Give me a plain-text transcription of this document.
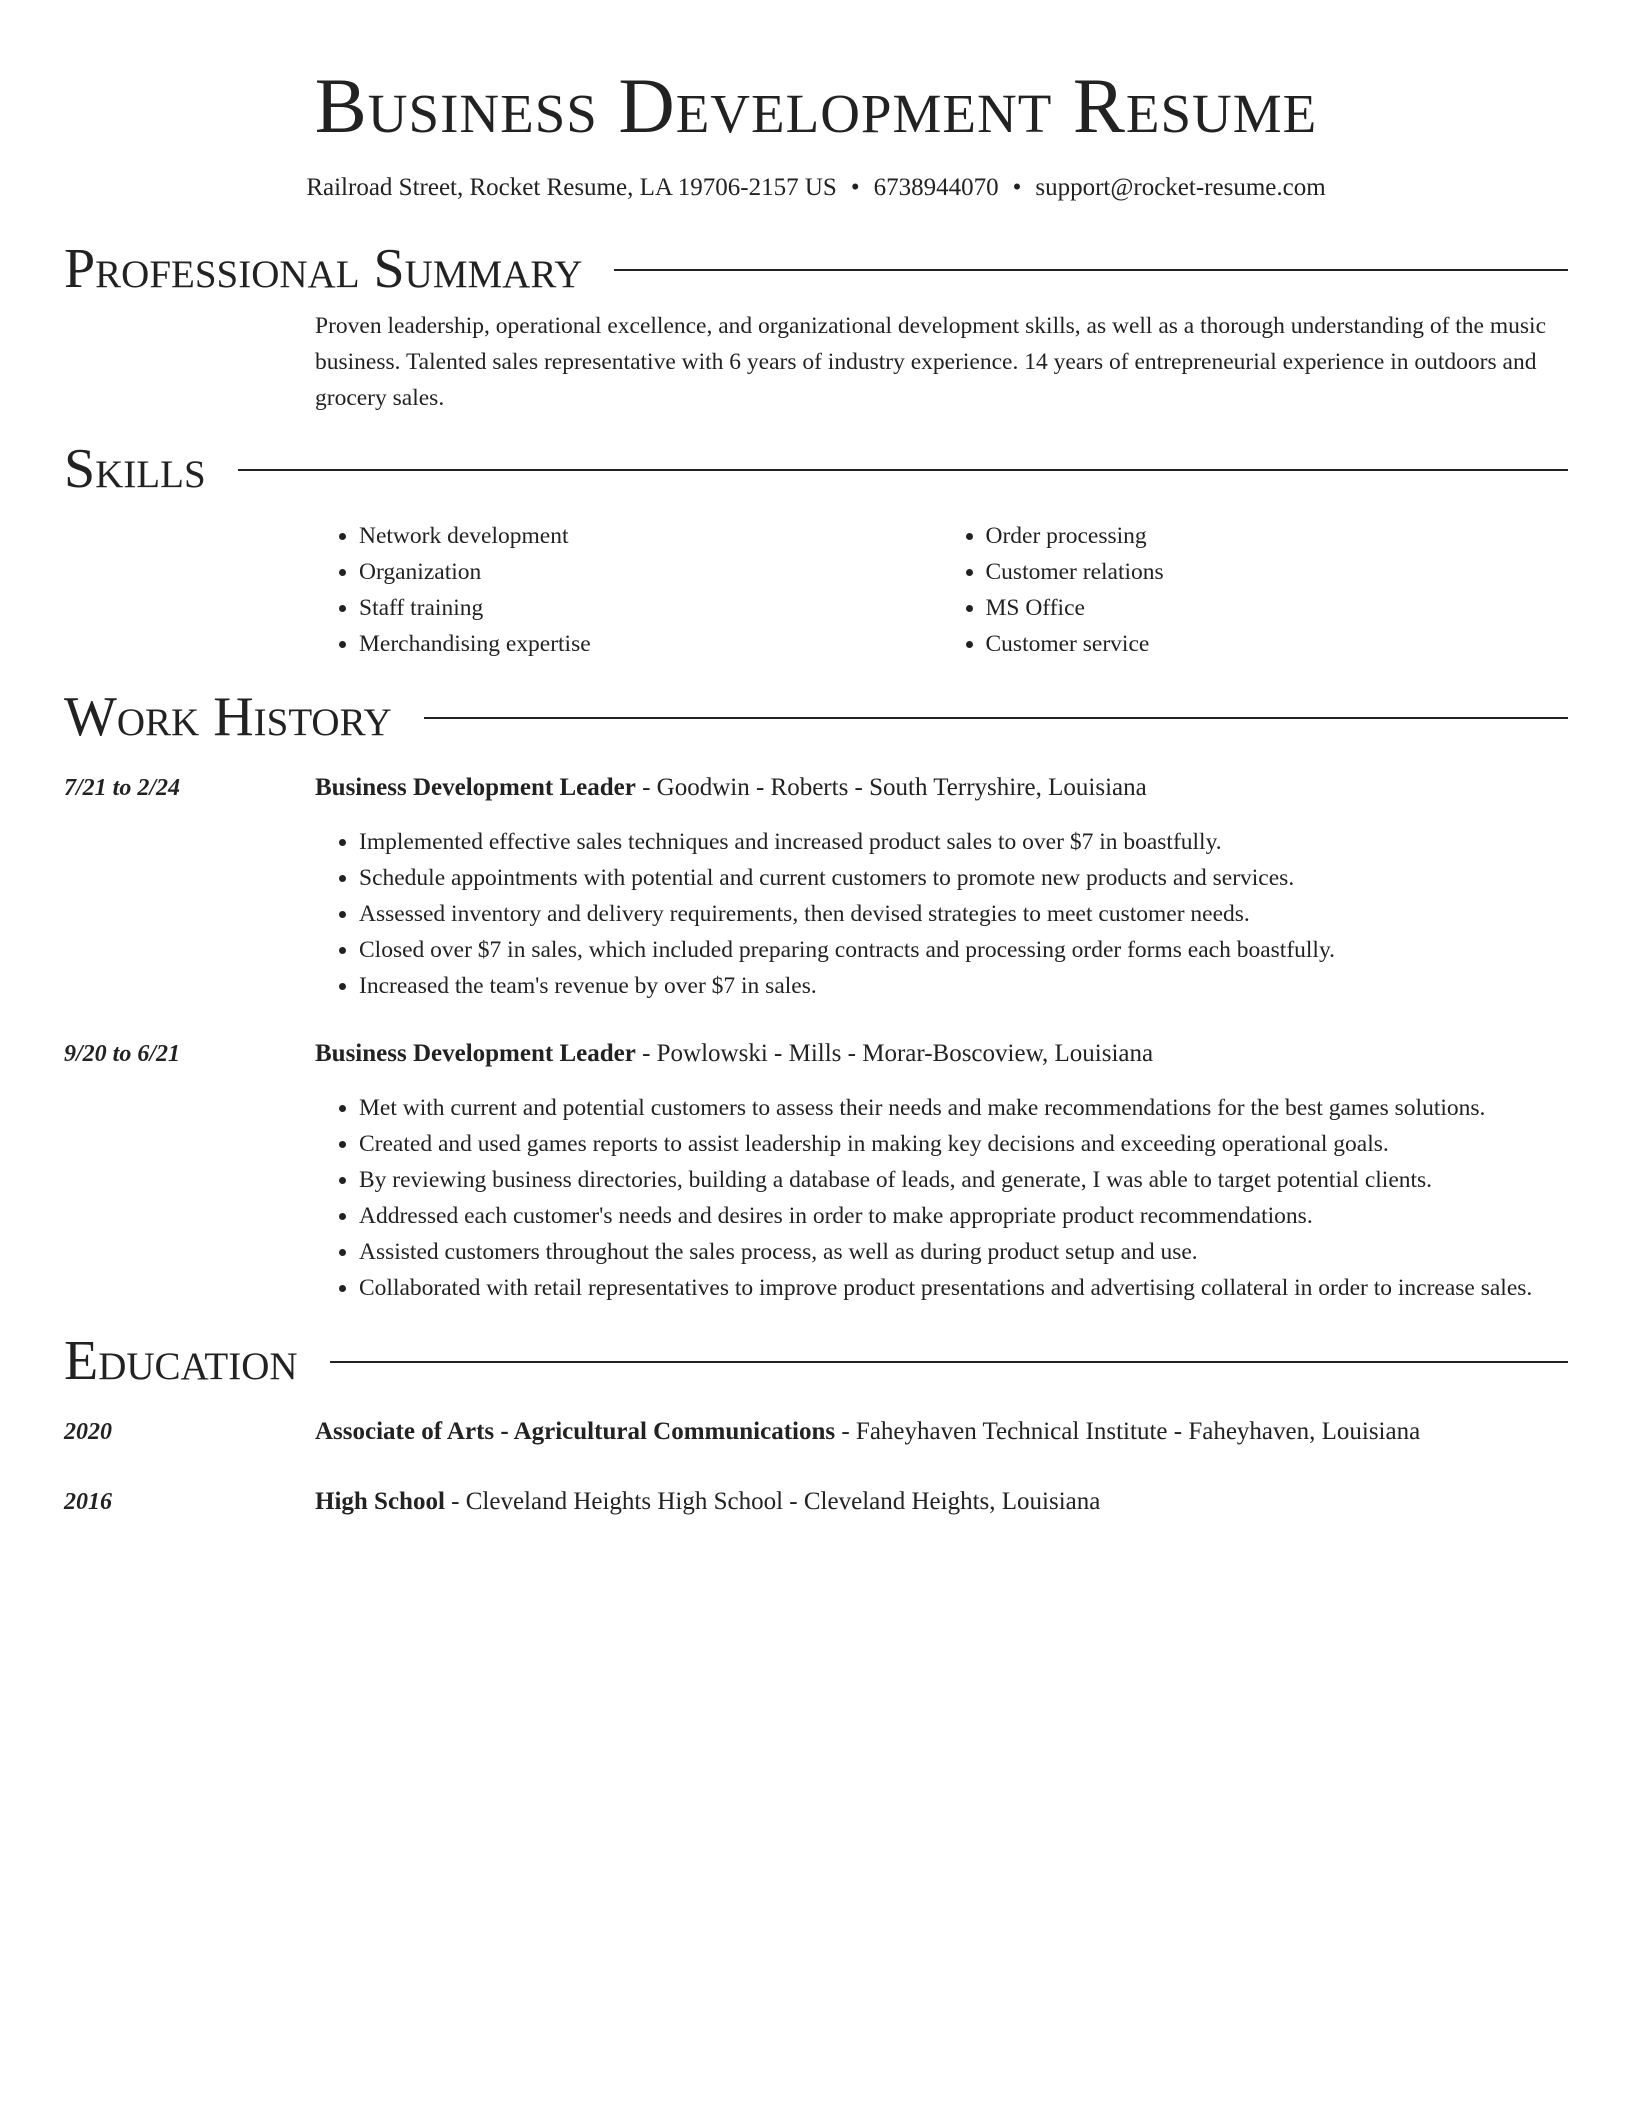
Business Development Resume
Railroad Street, Rocket Resume, LA 19706-2157 US • 6738944070 • support@rocket-resume.com
Professional Summary

Proven leadership, operational excellence, and organizational development skills, as well as a thorough understanding of the music business. Talented sales representative with 6 years of industry experience. 14 years of entrepreneurial experience in outdoors and grocery sales.

Skills
• Network development
• Organization
• Staff training
• Merchandising expertise
• Order processing
• Customer relations
• MS Office
• Customer service
Work History
7/21 to 2/24	Business Development Leader - Goodwin - Roberts - South Terryshire, Louisiana
• Implemented effective sales techniques and increased product sales to over $7 in boastfully.
• Schedule appointments with potential and current customers to promote new products and services.
• Assessed inventory and delivery requirements, then devised strategies to meet customer needs.
• Closed over $7 in sales, which included preparing contracts and processing order forms each boastfully.
• Increased the team's revenue by over $7 in sales.
9/20 to 6/21	Business Development Leader - Powlowski - Mills - Morar-Boscoview, Louisiana
• Met with current and potential customers to assess their needs and make recommendations for the best games solutions.
• Created and used games reports to assist leadership in making key decisions and exceeding operational goals.
• By reviewing business directories, building a database of leads, and generate, I was able to target potential clients.
• Addressed each customer's needs and desires in order to make appropriate product recommendations.
• Assisted customers throughout the sales process, as well as during product setup and use.
• Collaborated with retail representatives to improve product presentations and advertising collateral in order to increase sales.
Education
2020	Associate of Arts - Agricultural Communications - Faheyhaven Technical Institute - Faheyhaven, Louisiana
2016	High School - Cleveland Heights High School - Cleveland Heights, Louisiana
